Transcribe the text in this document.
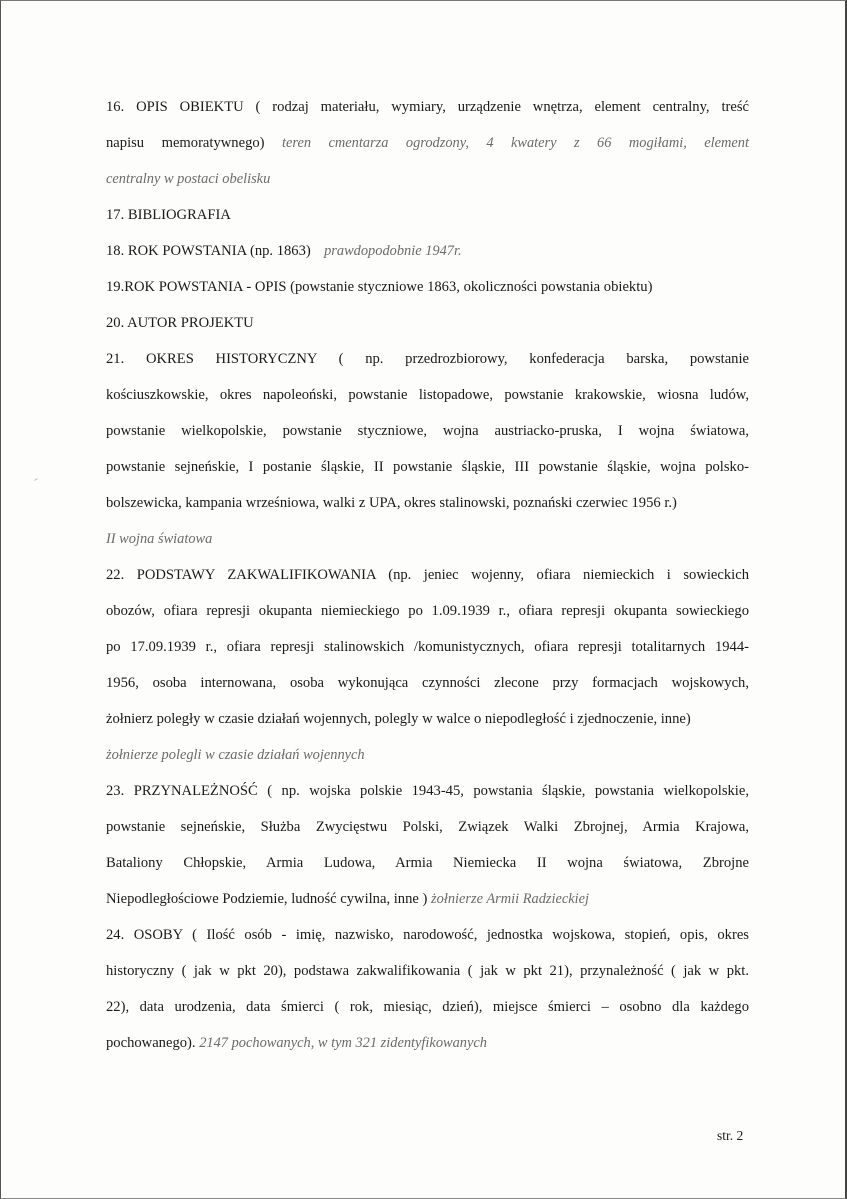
16. OPIS OBIEKTU ( rodzaj materiału, wymiary, urządzenie wnętrza, element centralny, treść
napisu memoratywnego) teren cmentarza ogrodzony, 4 kwatery z 66 mogiłami, element
centralny w postaci obelisku
17. BIBLIOGRAFIA
18. ROK POWSTANIA (np. 1863) prawdopodobnie 1947r.
19.ROK POWSTANIA - OPIS (powstanie styczniowe 1863, okoliczności powstania obiektu)
20. AUTOR PROJEKTU
21. OKRES HISTORYCZNY ( np. przedrozbiorowy, konfederacja barska, powstanie
kościuszkowskie, okres napoleoński, powstanie listopadowe, powstanie krakowskie, wiosna ludów,
powstanie wielkopolskie, powstanie styczniowe, wojna austriacko-pruska, I wojna światowa,
powstanie sejneńskie, I postanie śląskie, II powstanie śląskie, III powstanie śląskie, wojna polsko-
bolszewicka, kampania wrześniowa, walki z UPA, okres stalinowski, poznański czerwiec 1956 r.)
II wojna światowa
22. PODSTAWY ZAKWALIFIKOWANIA (np. jeniec wojenny, ofiara niemieckich i sowieckich
obozów, ofiara represji okupanta niemieckiego po 1.09.1939 r., ofiara represji okupanta sowieckiego
po 17.09.1939 r., ofiara represji stalinowskich /komunistycznych, ofiara represji totalitarnych 1944-
1956, osoba internowana, osoba wykonująca czynności zlecone przy formacjach wojskowych,
żołnierz poległy w czasie działań wojennych, polegly w walce o niepodległość i zjednoczenie, inne)
żołnierze polegli w czasie działań wojennych
23. PRZYNALEŻNOŚĆ ( np. wojska polskie 1943-45, powstania śląskie, powstania wielkopolskie,
powstanie sejneńskie, Służba Zwycięstwu Polski, Związek Walki Zbrojnej, Armia Krajowa,
Bataliony Chłopskie, Armia Ludowa, Armia Niemiecka II wojna światowa, Zbrojne
Niepodległościowe Podziemie, ludność cywilna, inne ) żołnierze Armii Radzieckiej
24. OSOBY ( Ilość osób - imię, nazwisko, narodowość, jednostka wojskowa, stopień, opis, okres
historyczny ( jak w pkt 20), podstawa zakwalifikowania ( jak w pkt 21), przynależność ( jak w pkt.
22), data urodzenia, data śmierci ( rok, miesiąc, dzień), miejsce śmierci – osobno dla każdego
pochowanego). 2147 pochowanych, w tym 321 zidentyfikowanych
str. 2
